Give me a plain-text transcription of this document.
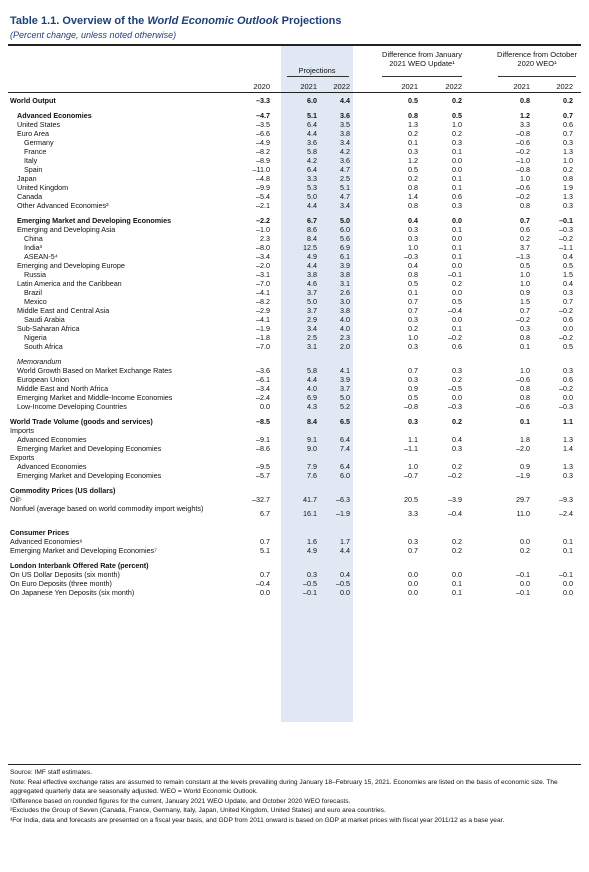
Table 1.1. Overview of the World Economic Outlook Projections
(Percent change, unless noted otherwise)
Projections
Difference from January 2021 WEO Update¹
Difference from October 2020 WEO¹
2020	2021	2022	2021	2022	2021	2022
World Output	–3.3	6.0	4.4	0.5	0.2	0.8	0.2
Advanced Economies	–4.7	5.1	3.6	0.8	0.5	1.2	0.7
United States	–3.5	6.4	3.5	1.3	1.0	3.3	0.6
Euro Area	–6.6	4.4	3.8	0.2	0.2	–0.8	0.7
Germany	–4.9	3.6	3.4	0.1	0.3	–0.6	0.3
France	–8.2	5.8	4.2	0.3	0.1	–0.2	1.3
Italy	–8.9	4.2	3.6	1.2	0.0	–1.0	1.0
Spain	–11.0	6.4	4.7	0.5	0.0	–0.8	0.2
Japan	–4.8	3.3	2.5	0.2	0.1	1.0	0.8
United Kingdom	–9.9	5.3	5.1	0.8	0.1	–0.6	1.9
Canada	–5.4	5.0	4.7	1.4	0.6	–0.2	1.3
Other Advanced Economies²	–2.1	4.4	3.4	0.8	0.3	0.8	0.3
Emerging Market and Developing Economies	–2.2	6.7	5.0	0.4	0.0	0.7	–0.1
Emerging and Developing Asia	–1.0	8.6	6.0	0.3	0.1	0.6	–0.3
China	2.3	8.4	5.6	0.3	0.0	0.2	–0.2
India³	–8.0	12.5	6.9	1.0	0.1	3.7	–1.1
ASEAN-5⁴	–3.4	4.9	6.1	–0.3	0.1	–1.3	0.4
Emerging and Developing Europe	–2.0	4.4	3.9	0.4	0.0	0.5	0.5
Russia	–3.1	3.8	3.8	0.8	–0.1	1.0	1.5
Latin America and the Caribbean	–7.0	4.6	3.1	0.5	0.2	1.0	0.4
Brazil	–4.1	3.7	2.6	0.1	0.0	0.9	0.3
Mexico	–8.2	5.0	3.0	0.7	0.5	1.5	0.7
Middle East and Central Asia	–2.9	3.7	3.8	0.7	–0.4	0.7	–0.2
Saudi Arabia	–4.1	2.9	4.0	0.3	0.0	–0.2	0.6
Sub-Saharan Africa	–1.9	3.4	4.0	0.2	0.1	0.3	0.0
Nigeria	–1.8	2.5	2.3	1.0	–0.2	0.8	–0.2
South Africa	–7.0	3.1	2.0	0.3	0.6	0.1	0.5
Memorandum
World Growth Based on Market Exchange Rates	–3.6	5.8	4.1	0.7	0.3	1.0	0.3
European Union	–6.1	4.4	3.9	0.3	0.2	–0.6	0.6
Middle East and North Africa	–3.4	4.0	3.7	0.9	–0.5	0.8	–0.2
Emerging Market and Middle-Income Economies	–2.4	6.9	5.0	0.5	0.0	0.8	0.0
Low-Income Developing Countries	0.0	4.3	5.2	–0.8	–0.3	–0.6	–0.3
World Trade Volume (goods and services)	–8.5	8.4	6.5	0.3	0.2	0.1	1.1
Imports
Advanced Economies	–9.1	9.1	6.4	1.1	0.4	1.8	1.3
Emerging Market and Developing Economies	–8.6	9.0	7.4	–1.1	0.3	–2.0	1.4
Exports
Advanced Economies	–9.5	7.9	6.4	1.0	0.2	0.9	1.3
Emerging Market and Developing Economies	–5.7	7.6	6.0	–0.7	–0.2	–1.9	0.3
Commodity Prices (US dollars)
Oil⁵	–32.7	41.7	–6.3	20.5	–3.9	29.7	–9.3
Nonfuel (average based on world commodity import weights)
6.7	16.1	–1.9	3.3	–0.4	11.0	–2.4
Consumer Prices
Advanced Economies⁶	0.7	1.6	1.7	0.3	0.2	0.0	0.1
Emerging Market and Developing Economies⁷	5.1	4.9	4.4	0.7	0.2	0.2	0.1
London Interbank Offered Rate (percent)
On US Dollar Deposits (six month)	0.7	0.3	0.4	0.0	0.0	–0.1	–0.1
On Euro Deposits (three month)	–0.4	–0.5	–0.5	0.0	0.1	0.0	0.0
On Japanese Yen Deposits (six month)	0.0	–0.1	0.0	0.0	0.1	–0.1	0.0

Source: IMF staff estimates.

Note: Real effective exchange rates are assumed to remain constant at the levels prevailing during January 18–February 15, 2021. Economies are listed on the basis of economic size. The aggregated quarterly data are seasonally adjusted. WEO = World Economic Outlook.

¹Difference based on rounded figures for the current, January 2021 WEO Update, and October 2020 WEO forecasts.

²Excludes the Group of Seven (Canada, France, Germany, Italy, Japan, United Kingdom, United States) and euro area countries.

³For India, data and forecasts are presented on a fiscal year basis, and GDP from 2011 onward is based on GDP at market prices with fiscal year 2011/12 as a base year.
